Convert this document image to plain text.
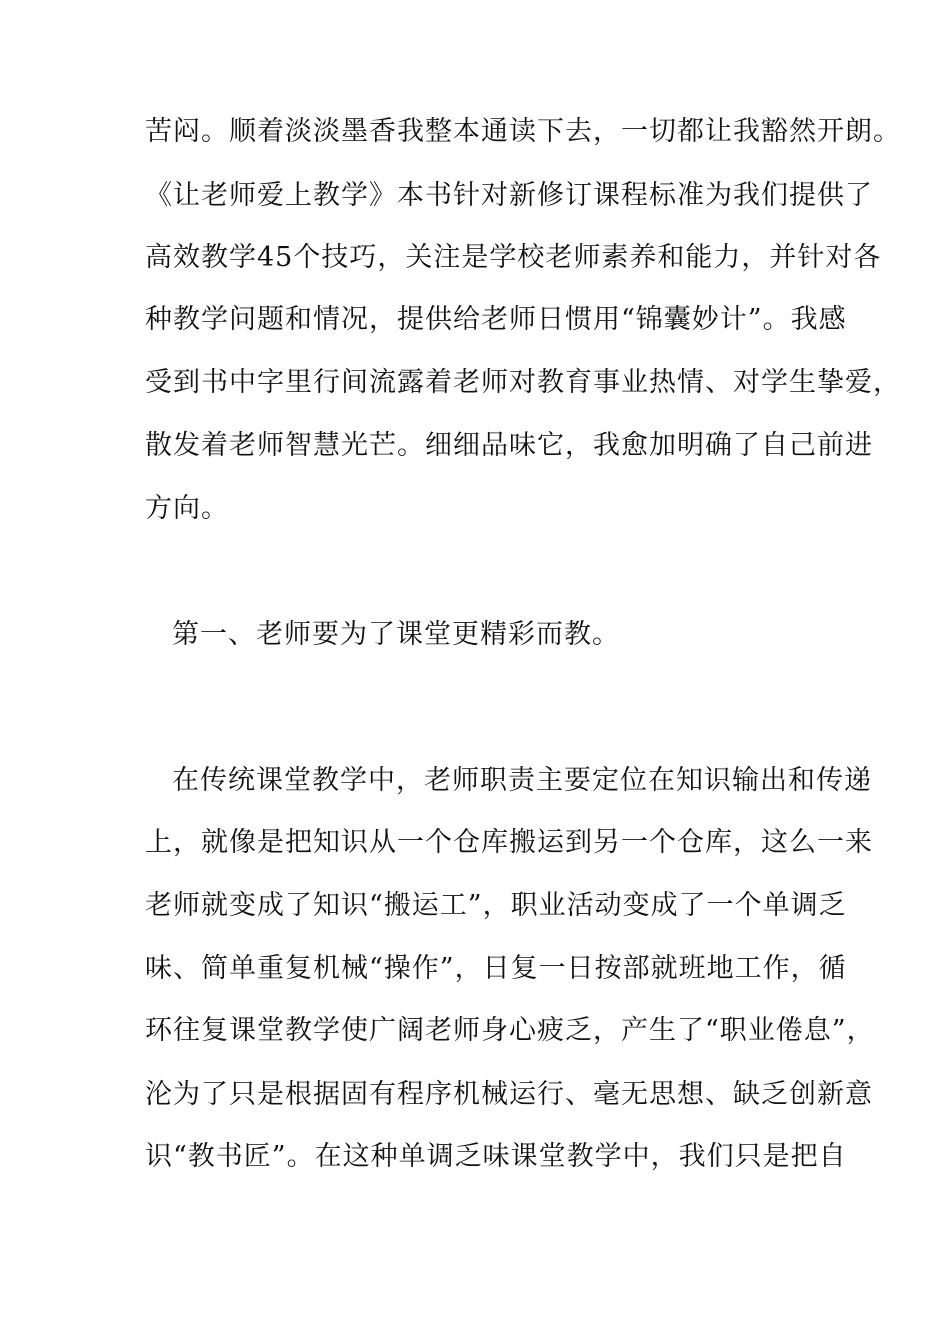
苦闷。顺着淡淡墨香我整本通读下去，一切都让我豁然开朗。
《让老师爱上教学》本书针对新修订课程标准为我们提供了
高效教学45个技巧，关注是学校老师素养和能力，并针对各
种教学问题和情况，提供给老师日惯用“锦囊妙计”。我感
受到书中字里行间流露着老师对教育事业热情、对学生挚爱，
散发着老师智慧光芒。细细品味它，我愈加明确了自己前进
方向。
第一、老师要为了课堂更精彩而教。
在传统课堂教学中，老师职责主要定位在知识输出和传递
上，就像是把知识从一个仓库搬运到另一个仓库，这么一来
老师就变成了知识“搬运工”，职业活动变成了一个单调乏
味、简单重复机械“操作”，日复一日按部就班地工作，循
环往复课堂教学使广阔老师身心疲乏，产生了“职业倦息”，
沦为了只是根据固有程序机械运行、毫无思想、缺乏创新意
识“教书匠”。在这种单调乏味课堂教学中，我们只是把自
